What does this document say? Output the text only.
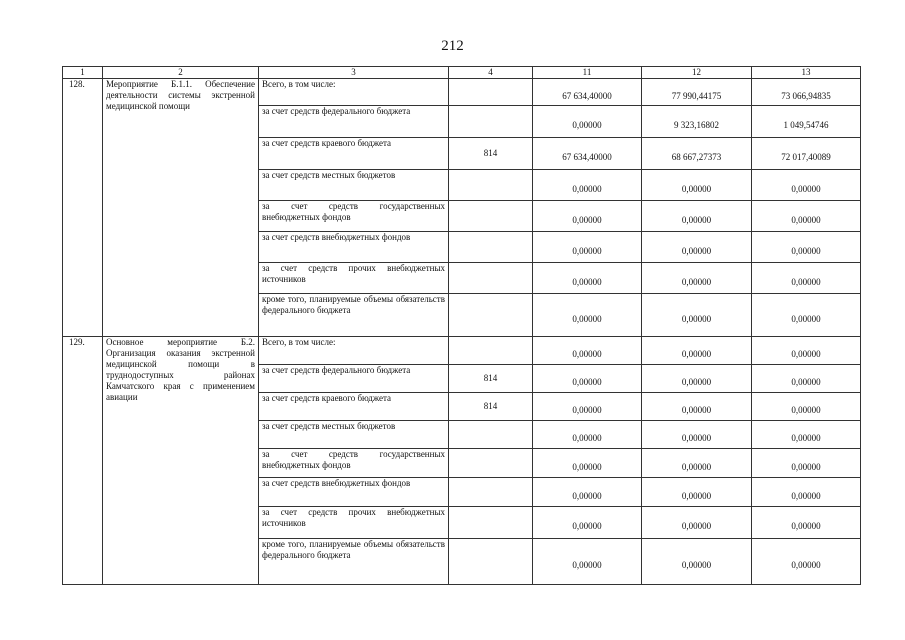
212
1	2	3	4	11	12	13
128.	Мероприятие Б.1.1. Обеспечение деятельности системы экстренной медицинской помощи	Всего, в том числе:		67 634,40000	77 990,44175	73 066,94835
		за счет средств федерального бюджета		0,00000	9 323,16802	1 049,54746
		за счет средств краевого бюджета	814	67 634,40000	68 667,27373	72 017,40089
		за счет средств местных бюджетов		0,00000	0,00000	0,00000
		за счет средств государственных внебюджетных фондов		0,00000	0,00000	0,00000
		за счет средств внебюджетных фондов		0,00000	0,00000	0,00000
		за счет средств прочих внебюджетных источников		0,00000	0,00000	0,00000
		кроме того, планируемые объемы обязательств федерального бюджета		0,00000	0,00000	0,00000
129.	Основное мероприятие Б.2. Организация оказания экстренной медицинской помощи в труднодоступных районах Камчатского края с применением авиации	Всего, в том числе:		0,00000	0,00000	0,00000
		за счет средств федерального бюджета	814	0,00000	0,00000	0,00000
		за счет средств краевого бюджета	814	0,00000	0,00000	0,00000
		за счет средств местных бюджетов		0,00000	0,00000	0,00000
		за счет средств государственных внебюджетных фондов		0,00000	0,00000	0,00000
		за счет средств внебюджетных фондов		0,00000	0,00000	0,00000
		за счет средств прочих внебюджетных источников		0,00000	0,00000	0,00000
		кроме того, планируемые объемы обязательств федерального бюджета		0,00000	0,00000	0,00000
